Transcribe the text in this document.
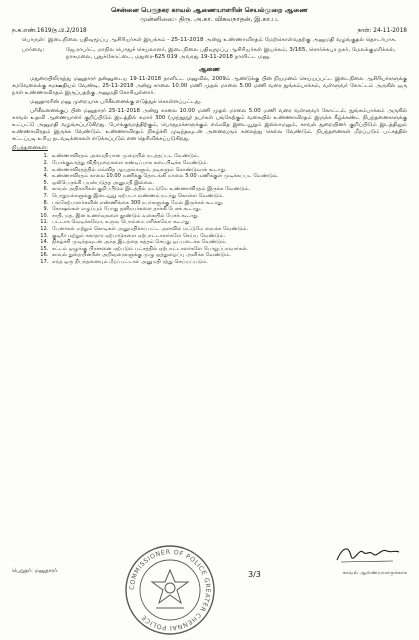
சென்னை பெருநகர காவல் ஆணையாளரின் செயல்முறை ஆணை
முன்னிலை:- திரு. அ.கா. விசுவநாதன், இ.கா.ப.
ந.க.எண்.1619/த.பி.2/2018	நாள்: 24-11-2018
பொருள்: இடைநிலை பதிவுமூப்பு ஆசிரியர்கள் இயக்கம் - 25-11-2018 அன்று உண்ணாவிரதம் மேற்கொள்வதற்கு அனுமதி வழங்குதல் தொடர்பாக.
பார்வை:	ஜே.ராபர்ட், மாநில பொதுச் செயலாளர், இடைநிலை பதிவுமூப்பு ஆசிரியர்கள் இயக்கம், 3/165, சொர்க்கபுர நகர், மேலக்குமரிக்கல், நாகமலை, புதுக்கோட்டை, மதுரை-625 019 அவரது 19-11-2018 நாளிட்ட மனு.
ஆணை

மதுரையிலிருந்து மனுதாரர் தன்னுடைய 19-11-2018 நாளிட்ட மனுவில், 2009ம் ஆண்டுக்கு பின் நியமனம் செய்யப்பட்ட இடைநிலை ஆசிரியர்களுக்கு சமவேலைக்கு சமஊதியம் வேண்டி, 25-11-2018 அன்று காலை 10.00 மணி முதல் மாலை 5.00 மணி வரை நுங்கம்பாக்கம், வள்ளுவர் கோட்டம் அருகில் ஒரு நாள் உண்ணாவிரதம் இருப்பதற்கு அனுமதி கோரியுள்ளார்.

மனுதாரரின் மனு முறையாக பரிசீலனைக்கு எடுத்துக் கொள்ளப்பட்டது.

பரிசீலனைக்குப் பின் மனுதாரர் 25-11-2018 அன்று காலை 10.00 மணி முதல் மாலை 5.00 மணி வரை வள்ளுவர் கோட்டம், நுங்கம்பாக்கம் அருகில் காவல் உதவி ஆணையாளர் குறிப்பிடும் இடத்தில் சுமார் 300 (முந்நூறு) நபர்கள் பங்கேற்கும் வகையில் உண்ணாவிரதம் இருக்க கீழ்க்கண்ட நிபந்தனைகளுக்கு உட்பட்டு அனுமதி வழங்கப்படுகிறது. போக்குவரத்திற்கும், பொதுமக்களுக்கும் எவ்வித இடையூறும் இல்லாமலும், காவல் துறையினர் குறிப்பிடும் இடத்திலும் உண்ணாவிரதம் இருக்க வேண்டும். உண்ணாவிரதம் நிகழ்ச்சி முடிந்தவுடன் அனைவரும் கலைந்து செல்ல வேண்டும். நிபந்தனைகள் மீறப்படும் பட்சத்தில் சட்டப்படி உரிய நடவடிக்கைகள் எடுக்கப்படும் என தெரிவிக்கப்படுகிறது.

நிபந்தனைகள்:
1. உண்ணாவிரதம் அமைதியான முறையில் நடத்தப்பட வேண்டும்.
2. போக்குவரத்து விதிமுறைகளை கண்டிப்பாக கடைபிடிக்க வேண்டும்.
3. உண்ணாவிரதத்தில் எவ்வித ஆயுதங்களும், தடிகளும் கொண்டுவரக் கூடாது.
4. உண்ணாவிரதம் காலை 10.00 மணிக்கு தொடங்கி மாலை 5.00 மணிக்குள் முடிக்கப்பட வேண்டும்.
5. ஒலிபெருக்கி பயன்படுத்த அனுமதி இல்லை.
6. காவல் அதிகாரிகள் குறிப்பிடும் இடத்தில் மட்டுமே உண்ணாவிரதம் இருக்க வேண்டும்.
7. பொதுமக்களுக்கு இடையூறு ஏற்படா வண்ணம் நடந்து கொள்ள வேண்டும்.
8. பங்கேற்பாளர்களின் எண்ணிக்கை 300 நபர்களுக்கு மேல் இருக்கக் கூடாது.
9. கோஷங்கள் எழுப்பும் போது தனிநபர்களை தாக்கி பேசக் கூடாது.
10. சாதி, மத, இன உணர்வுகளை தூண்டும் வகையில் பேசக் கூடாது.
11. பட்டாசு வெடிக்கவோ, உருவ பொம்மை எரிக்கவோ கூடாது.
12. பேனர்கள் மற்றும் கொடிகள் அனுமதிக்கப்பட்ட அளவில் மட்டுமே வைக்க வேண்டும்.
13. குடிநீர் மற்றும் சுகாதார ஏற்பாடுகளை ஏற்பாட்டாளர்களே செய்ய வேண்டும்.
14. நிகழ்ச்சி முடிந்தவுடன் அந்த இடத்தை சுத்தம் செய்து ஒப்படைக்க வேண்டும்.
15. சட்டம் ஒழுங்கு பிரச்சனை ஏற்படும் பட்சத்தில் ஏற்பாட்டாளர்களே பொறுப்பாவார்கள்.
16. காவல் துறையினரின் அறிவுரைகளுக்கு முழு ஒத்துழைப்பு அளிக்க வேண்டும்.
17. எந்த ஒரு நிபந்தனையும் மீறப்பட்டால் அனுமதி ரத்து செய்யப்படும்.
பெறுநர்: மனுதாரர்
COMMISSIONER OF POLICE GREATER CHENNAI POLICE
3/3	காவல் ஆணையாளருக்காக
